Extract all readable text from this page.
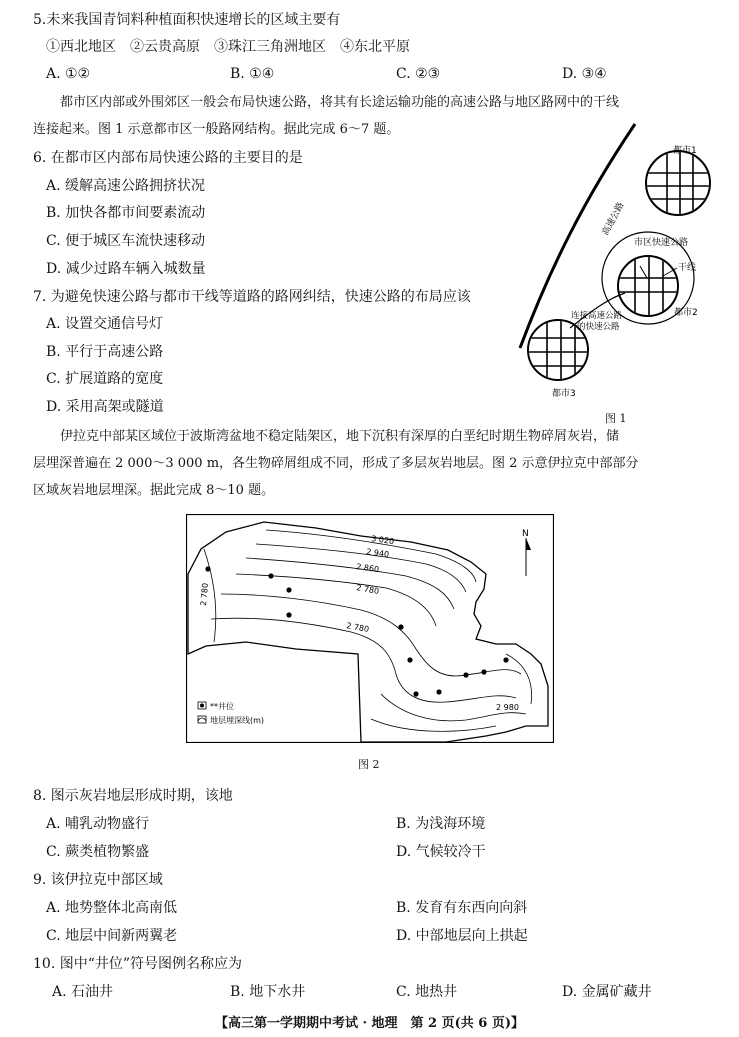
5.未来我国青饲料种植面积快速增长的区域主要有
①西北地区　②云贵高原　③珠江三角洲地区　④东北平原
A. ①②	B. ①④	C. ②③	D. ③④
都市区内部或外围郊区一般会布局快速公路，将其有长途运输功能的高速公路与地区路网中的干线
连接起来。图 1 示意都市区一般路网结构。据此完成 6～7 题。
6. 在都市区内部布局快速公路的主要目的是
A. 缓解高速公路拥挤状况
B. 加快各都市间要素流动
C. 便于城区车流快速移动
D. 减少过路车辆入城数量
7. 为避免快速公路与都市干线等道路的路网纠结，快速公路的布局应该
A. 设置交通信号灯
B. 平行于高速公路
C. 扩展道路的宽度
D. 采用高架或隧道
高速公路
都市1
市区快速公路
干线
都市2
都市3
连接高速公路
的快速公路
图 1
伊拉克中部某区域位于波斯湾盆地不稳定陆架区，地下沉积有深厚的白垩纪时期生物碎屑灰岩，储
层埋深普遍在 2 000～3 000 m，各生物碎屑组成不同，形成了多层灰岩地层。图 2 示意伊拉克中部部分
区域灰岩地层埋深。据此完成 8～10 题。
3 020
2 940
2 860
2 780
2 780
2 780
2 980
N
**井位
地层埋深线(m)
图 2
8. 图示灰岩地层形成时期，该地
A. 哺乳动物盛行	B. 为浅海环境
C. 蕨类植物繁盛	D. 气候较冷干
9. 该伊拉克中部区域
A. 地势整体北高南低	B. 发育有东西向向斜
C. 地层中间新两翼老	D. 中部地层向上拱起
10. 图中“井位”符号图例名称应为
A. 石油井	B. 地下水井	C. 地热井	D. 金属矿藏井
【高三第一学期期中考试 · 地理　第 2 页(共 6 页)】
